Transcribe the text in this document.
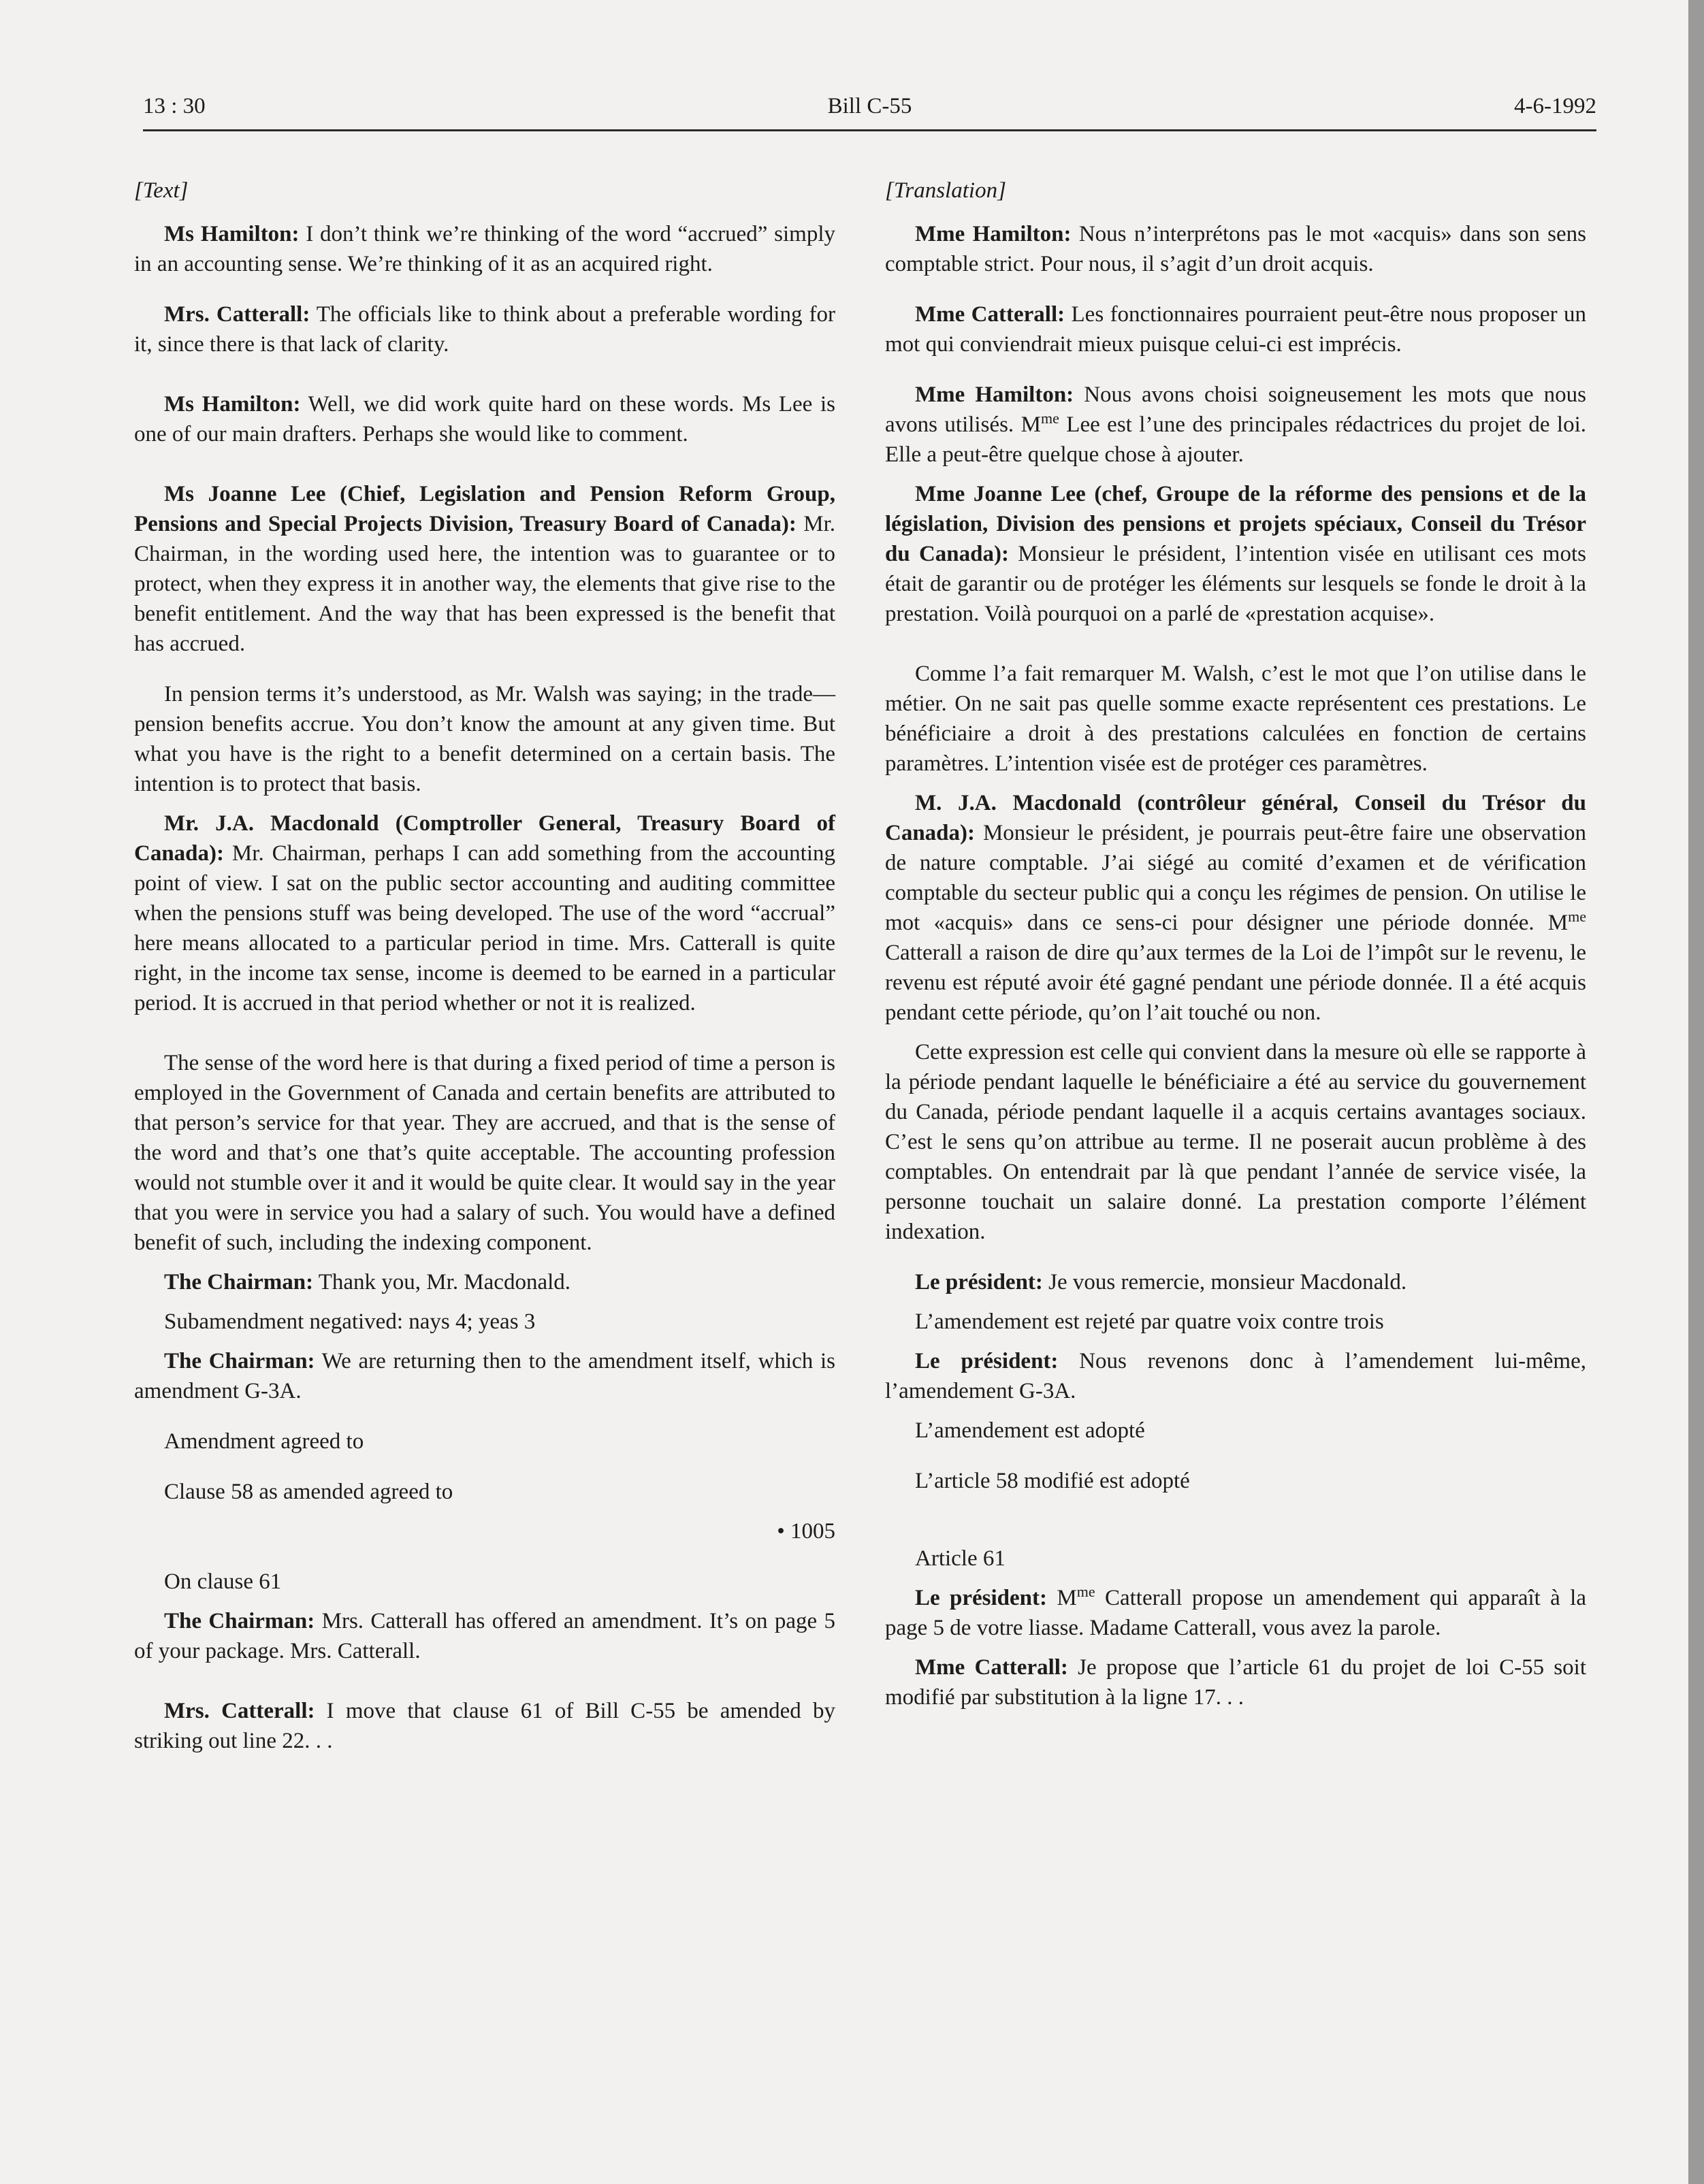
13 : 30	Bill C-55	4-6-1992

[Text]

Ms Hamilton: I don’t think we’re thinking of the word “accrued” simply in an accounting sense. We’re thinking of it as an acquired right.

Mrs. Catterall: The officials like to think about a preferable wording for it, since there is that lack of clarity.

Ms Hamilton: Well, we did work quite hard on these words. Ms Lee is one of our main drafters. Perhaps she would like to comment.

Ms Joanne Lee (Chief, Legislation and Pension Reform Group, Pensions and Special Projects Division, Treasury Board of Canada): Mr. Chairman, in the wording used here, the intention was to guarantee or to protect, when they express it in another way, the elements that give rise to the benefit entitlement. And the way that has been expressed is the benefit that has accrued.

In pension terms it’s understood, as Mr. Walsh was saying; in the trade—pension benefits accrue. You don’t know the amount at any given time. But what you have is the right to a benefit determined on a certain basis. The intention is to protect that basis.

Mr. J.A. Macdonald (Comptroller General, Treasury Board of Canada): Mr. Chairman, perhaps I can add something from the accounting point of view. I sat on the public sector accounting and auditing committee when the pensions stuff was being developed. The use of the word “accrual” here means allocated to a particular period in time. Mrs. Catterall is quite right, in the income tax sense, income is deemed to be earned in a particular period. It is accrued in that period whether or not it is realized.

The sense of the word here is that during a fixed period of time a person is employed in the Government of Canada and certain benefits are attributed to that person’s service for that year. They are accrued, and that is the sense of the word and that’s one that’s quite acceptable. The accounting profession would not stumble over it and it would be quite clear. It would say in the year that you were in service you had a salary of such. You would have a defined benefit of such, including the indexing component.

The Chairman: Thank you, Mr. Macdonald.

Subamendment negatived: nays 4; yeas 3

The Chairman: We are returning then to the amendment itself, which is amendment G-3A.

Amendment agreed to

Clause 58 as amended agreed to

• 1005

On clause 61

The Chairman: Mrs. Catterall has offered an amendment. It’s on page 5 of your package. Mrs. Catterall.

Mrs. Catterall: I move that clause 61 of Bill C-55 be amended by striking out line 22. . .

[Translation]

Mme Hamilton: Nous n’interprétons pas le mot «acquis» dans son sens comptable strict. Pour nous, il s’agit d’un droit acquis.

Mme Catterall: Les fonctionnaires pourraient peut-être nous proposer un mot qui conviendrait mieux puisque celui-ci est imprécis.

Mme Hamilton: Nous avons choisi soigneusement les mots que nous avons utilisés. $M^{me}$ Lee est l’une des principales rédactrices du projet de loi. Elle a peut-être quelque chose à ajouter.

Mme Joanne Lee (chef, Groupe de la réforme des pensions et de la législation, Division des pensions et projets spéciaux, Conseil du Trésor du Canada): Monsieur le président, l’intention visée en utilisant ces mots était de garantir ou de protéger les éléments sur lesquels se fonde le droit à la prestation. Voilà pourquoi on a parlé de «prestation acquise».

Comme l’a fait remarquer M. Walsh, c’est le mot que l’on utilise dans le métier. On ne sait pas quelle somme exacte représentent ces prestations. Le bénéficiaire a droit à des prestations calculées en fonction de certains paramètres. L’intention visée est de protéger ces paramètres.

M. J.A. Macdonald (contrôleur général, Conseil du Trésor du Canada): Monsieur le président, je pourrais peut-être faire une observation de nature comptable. J’ai siégé au comité d’examen et de vérification comptable du secteur public qui a conçu les régimes de pension. On utilise le mot «acquis» dans ce sens-ci pour désigner une période donnée. $M^{me}$ Catterall a raison de dire qu’aux termes de la Loi de l’impôt sur le revenu, le revenu est réputé avoir été gagné pendant une période donnée. Il a été acquis pendant cette période, qu’on l’ait touché ou non.

Cette expression est celle qui convient dans la mesure où elle se rapporte à la période pendant laquelle le bénéficiaire a été au service du gouvernement du Canada, période pendant laquelle il a acquis certains avantages sociaux. C’est le sens qu’on attribue au terme. Il ne poserait aucun problème à des comptables. On entendrait par là que pendant l’année de service visée, la personne touchait un salaire donné. La prestation comporte l’élément indexation.

Le président: Je vous remercie, monsieur Macdonald.

L’amendement est rejeté par quatre voix contre trois

Le président: Nous revenons donc à l’amendement lui-même, l’amendement G-3A.

L’amendement est adopté

L’article 58 modifié est adopté

Article 61

Le président: $M^{me}$ Catterall propose un amendement qui apparaît à la page 5 de votre liasse. Madame Catterall, vous avez la parole.

Mme Catterall: Je propose que l’article 61 du projet de loi C-55 soit modifié par substitution à la ligne 17. . .
